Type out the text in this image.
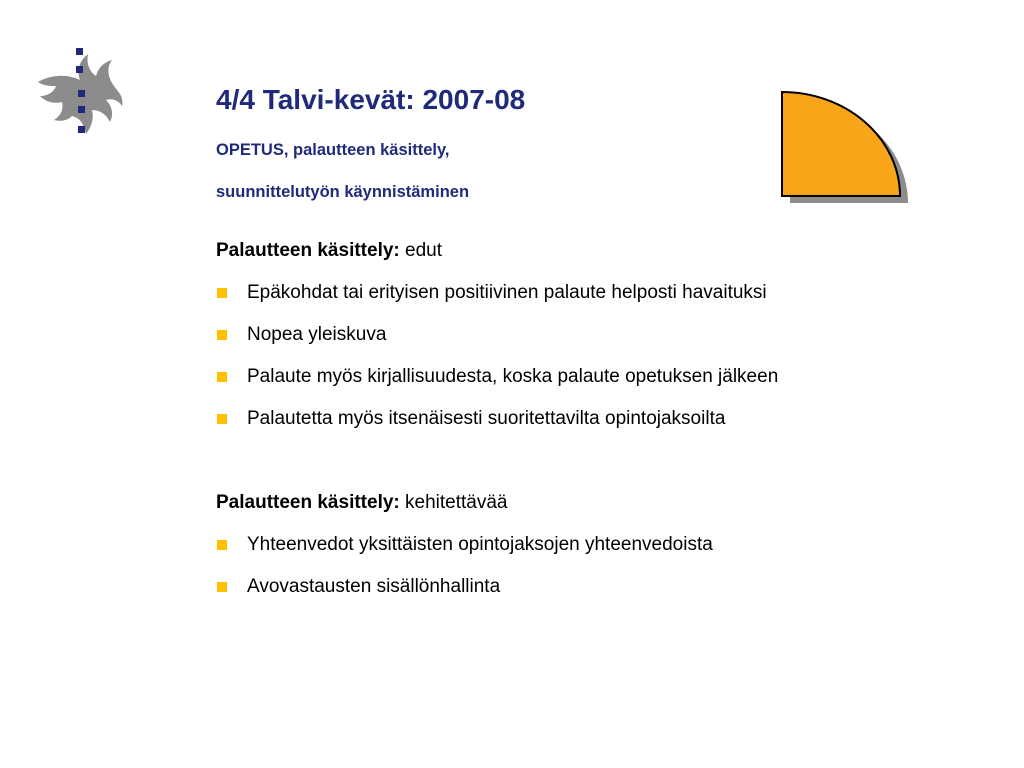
4/4 Talvi-kevät: 2007-08

OPETUS, palautteen käsittely,

suunnittelutyön käynnistäminen

Palautteen käsittely: edut
Epäkohdat tai erityisen positiivinen palaute helposti havaituksi
Nopea yleiskuva
Palaute myös kirjallisuudesta, koska palaute opetuksen jälkeen
Palautetta myös itsenäisesti suoritettavilta opintojaksoilta
Palautteen käsittely: kehitettävää
Yhteenvedot yksittäisten opintojaksojen yhteenvedoista
Avovastausten sisällönhallinta
